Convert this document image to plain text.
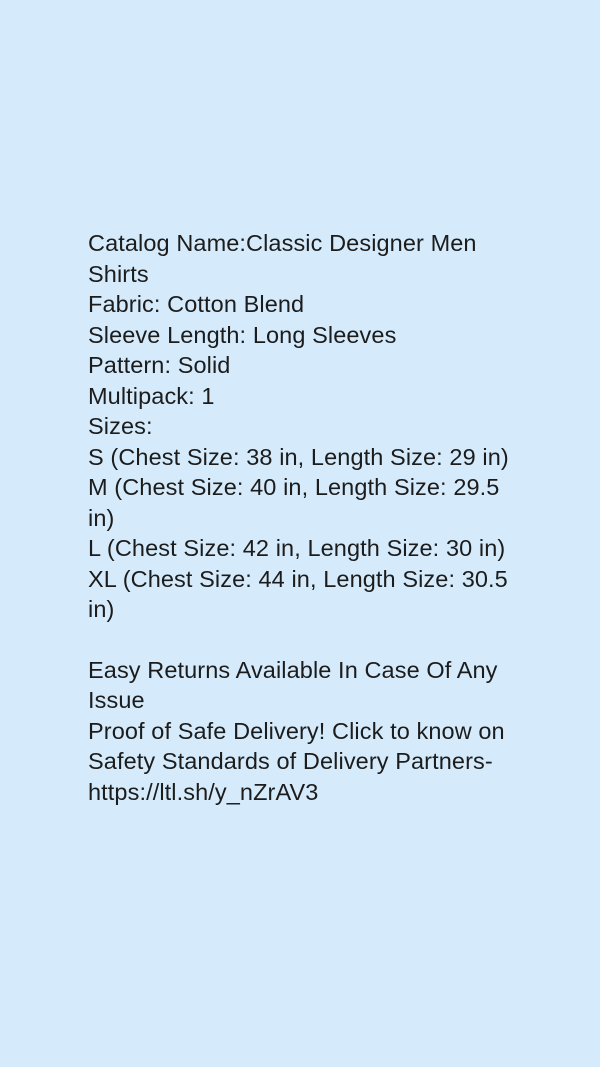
Catalog Name:Classic Designer Men Shirts
Fabric: Cotton Blend
Sleeve Length: Long Sleeves
Pattern: Solid
Multipack: 1
Sizes:
S (Chest Size: 38 in, Length Size: 29 in)
M (Chest Size: 40 in, Length Size: 29.5 in)
L (Chest Size: 42 in, Length Size: 30 in)
XL (Chest Size: 44 in, Length Size: 30.5 in)
Easy Returns Available In Case Of Any Issue
Proof of Safe Delivery! Click to know on Safety Standards of Delivery Partners- https://ltl.sh/y_nZrAV3
